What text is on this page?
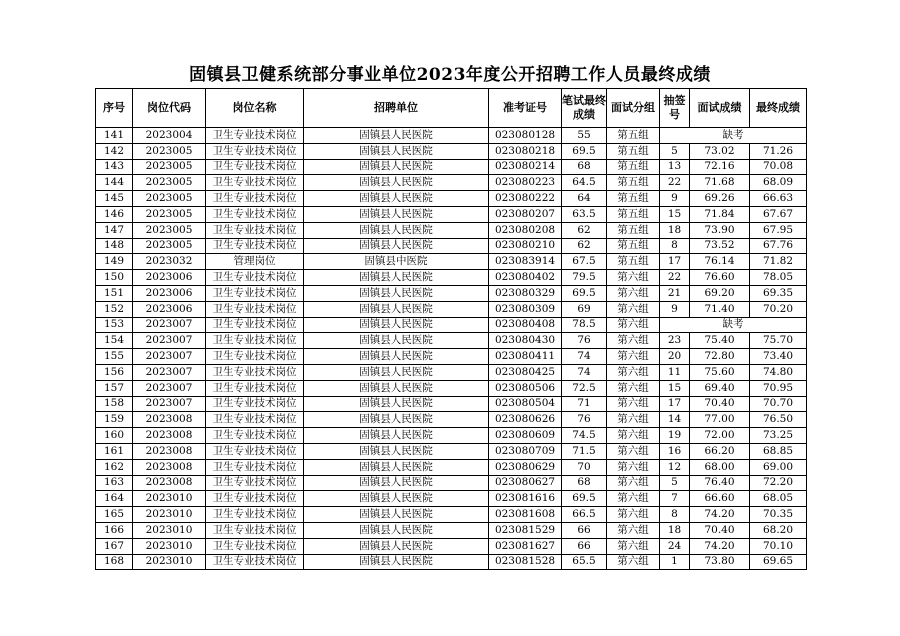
固镇县卫健系统部分事业单位2023年度公开招聘工作人员最终成绩
序号	岗位代码	岗位名称	招聘单位	准考证号	笔试最终成绩	面试分组	抽签号	面试成绩	最终成绩
141	2023004	卫生专业技术岗位	固镇县人民医院	023080128	55	第五组	缺考		
142	2023005	卫生专业技术岗位	固镇县人民医院	023080218	69.5	第五组	5	73.02	71.26
143	2023005	卫生专业技术岗位	固镇县人民医院	023080214	68	第五组	13	72.16	70.08
144	2023005	卫生专业技术岗位	固镇县人民医院	023080223	64.5	第五组	22	71.68	68.09
145	2023005	卫生专业技术岗位	固镇县人民医院	023080222	64	第五组	9	69.26	66.63
146	2023005	卫生专业技术岗位	固镇县人民医院	023080207	63.5	第五组	15	71.84	67.67
147	2023005	卫生专业技术岗位	固镇县人民医院	023080208	62	第五组	18	73.90	67.95
148	2023005	卫生专业技术岗位	固镇县人民医院	023080210	62	第五组	8	73.52	67.76
149	2023032	管理岗位	固镇县中医院	023083914	67.5	第五组	17	76.14	71.82
150	2023006	卫生专业技术岗位	固镇县人民医院	023080402	79.5	第六组	22	76.60	78.05
151	2023006	卫生专业技术岗位	固镇县人民医院	023080329	69.5	第六组	21	69.20	69.35
152	2023006	卫生专业技术岗位	固镇县人民医院	023080309	69	第六组	9	71.40	70.20
153	2023007	卫生专业技术岗位	固镇县人民医院	023080408	78.5	第六组	缺考		
154	2023007	卫生专业技术岗位	固镇县人民医院	023080430	76	第六组	23	75.40	75.70
155	2023007	卫生专业技术岗位	固镇县人民医院	023080411	74	第六组	20	72.80	73.40
156	2023007	卫生专业技术岗位	固镇县人民医院	023080425	74	第六组	11	75.60	74.80
157	2023007	卫生专业技术岗位	固镇县人民医院	023080506	72.5	第六组	15	69.40	70.95
158	2023007	卫生专业技术岗位	固镇县人民医院	023080504	71	第六组	17	70.40	70.70
159	2023008	卫生专业技术岗位	固镇县人民医院	023080626	76	第六组	14	77.00	76.50
160	2023008	卫生专业技术岗位	固镇县人民医院	023080609	74.5	第六组	19	72.00	73.25
161	2023008	卫生专业技术岗位	固镇县人民医院	023080709	71.5	第六组	16	66.20	68.85
162	2023008	卫生专业技术岗位	固镇县人民医院	023080629	70	第六组	12	68.00	69.00
163	2023008	卫生专业技术岗位	固镇县人民医院	023080627	68	第六组	5	76.40	72.20
164	2023010	卫生专业技术岗位	固镇县人民医院	023081616	69.5	第六组	7	66.60	68.05
165	2023010	卫生专业技术岗位	固镇县人民医院	023081608	66.5	第六组	8	74.20	70.35
166	2023010	卫生专业技术岗位	固镇县人民医院	023081529	66	第六组	18	70.40	68.20
167	2023010	卫生专业技术岗位	固镇县人民医院	023081627	66	第六组	24	74.20	70.10
168	2023010	卫生专业技术岗位	固镇县人民医院	023081528	65.5	第六组	1	73.80	69.65
